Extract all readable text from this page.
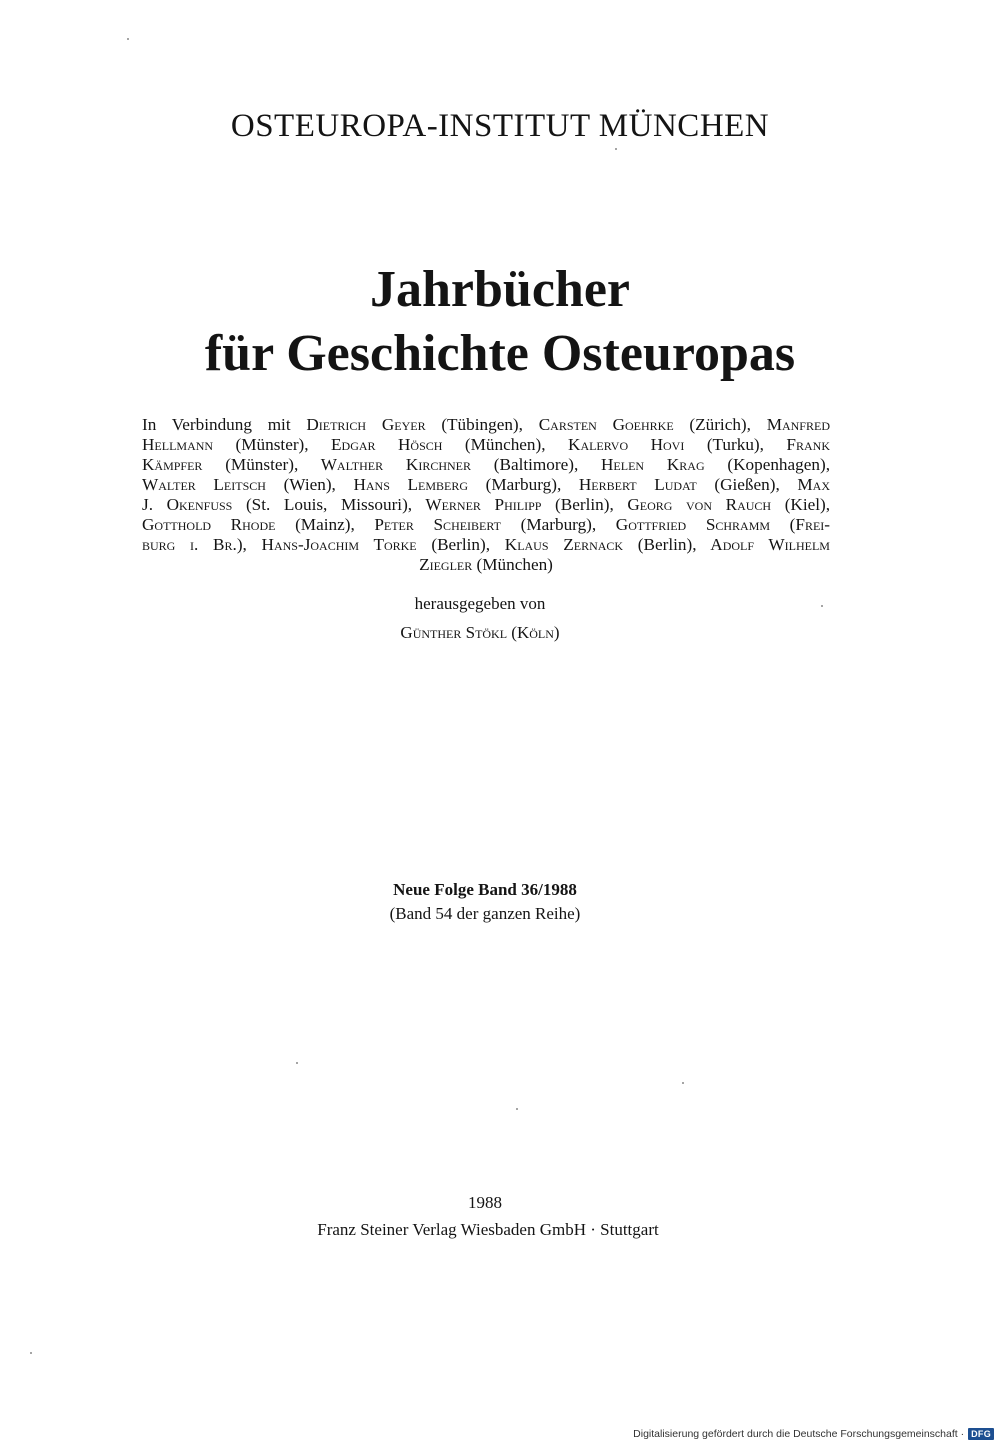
OSTEUROPA-INSTITUT MÜNCHEN
Jahrbücher
für Geschichte Osteuropas
In Verbindung mit Dietrich Geyer (Tübingen), Carsten Goehrke (Zürich), Manfred
Hellmann (Münster), Edgar Hösch (München), Kalervo Hovi (Turku), Frank
Kämpfer (Münster), Walther Kirchner (Baltimore), Helen Krag (Kopenhagen),
Walter Leitsch (Wien), Hans Lemberg (Marburg), Herbert Ludat (Gießen), Max
J. Okenfuss (St. Louis, Missouri), Werner Philipp (Berlin), Georg von Rauch (Kiel),
Gotthold Rhode (Mainz), Peter Scheibert (Marburg), Gottfried Schramm (Frei-
burg i. Br.), Hans-Joachim Torke (Berlin), Klaus Zernack (Berlin), Adolf Wilhelm
Ziegler (München)
herausgegeben von
Günther Stökl (Köln)
Neue Folge Band 36/1988
(Band 54 der ganzen Reihe)
1988
Franz Steiner Verlag Wiesbaden GmbH · Stuttgart
Digitalisierung gefördert durch die Deutsche Forschungsgemeinschaft · DFG
